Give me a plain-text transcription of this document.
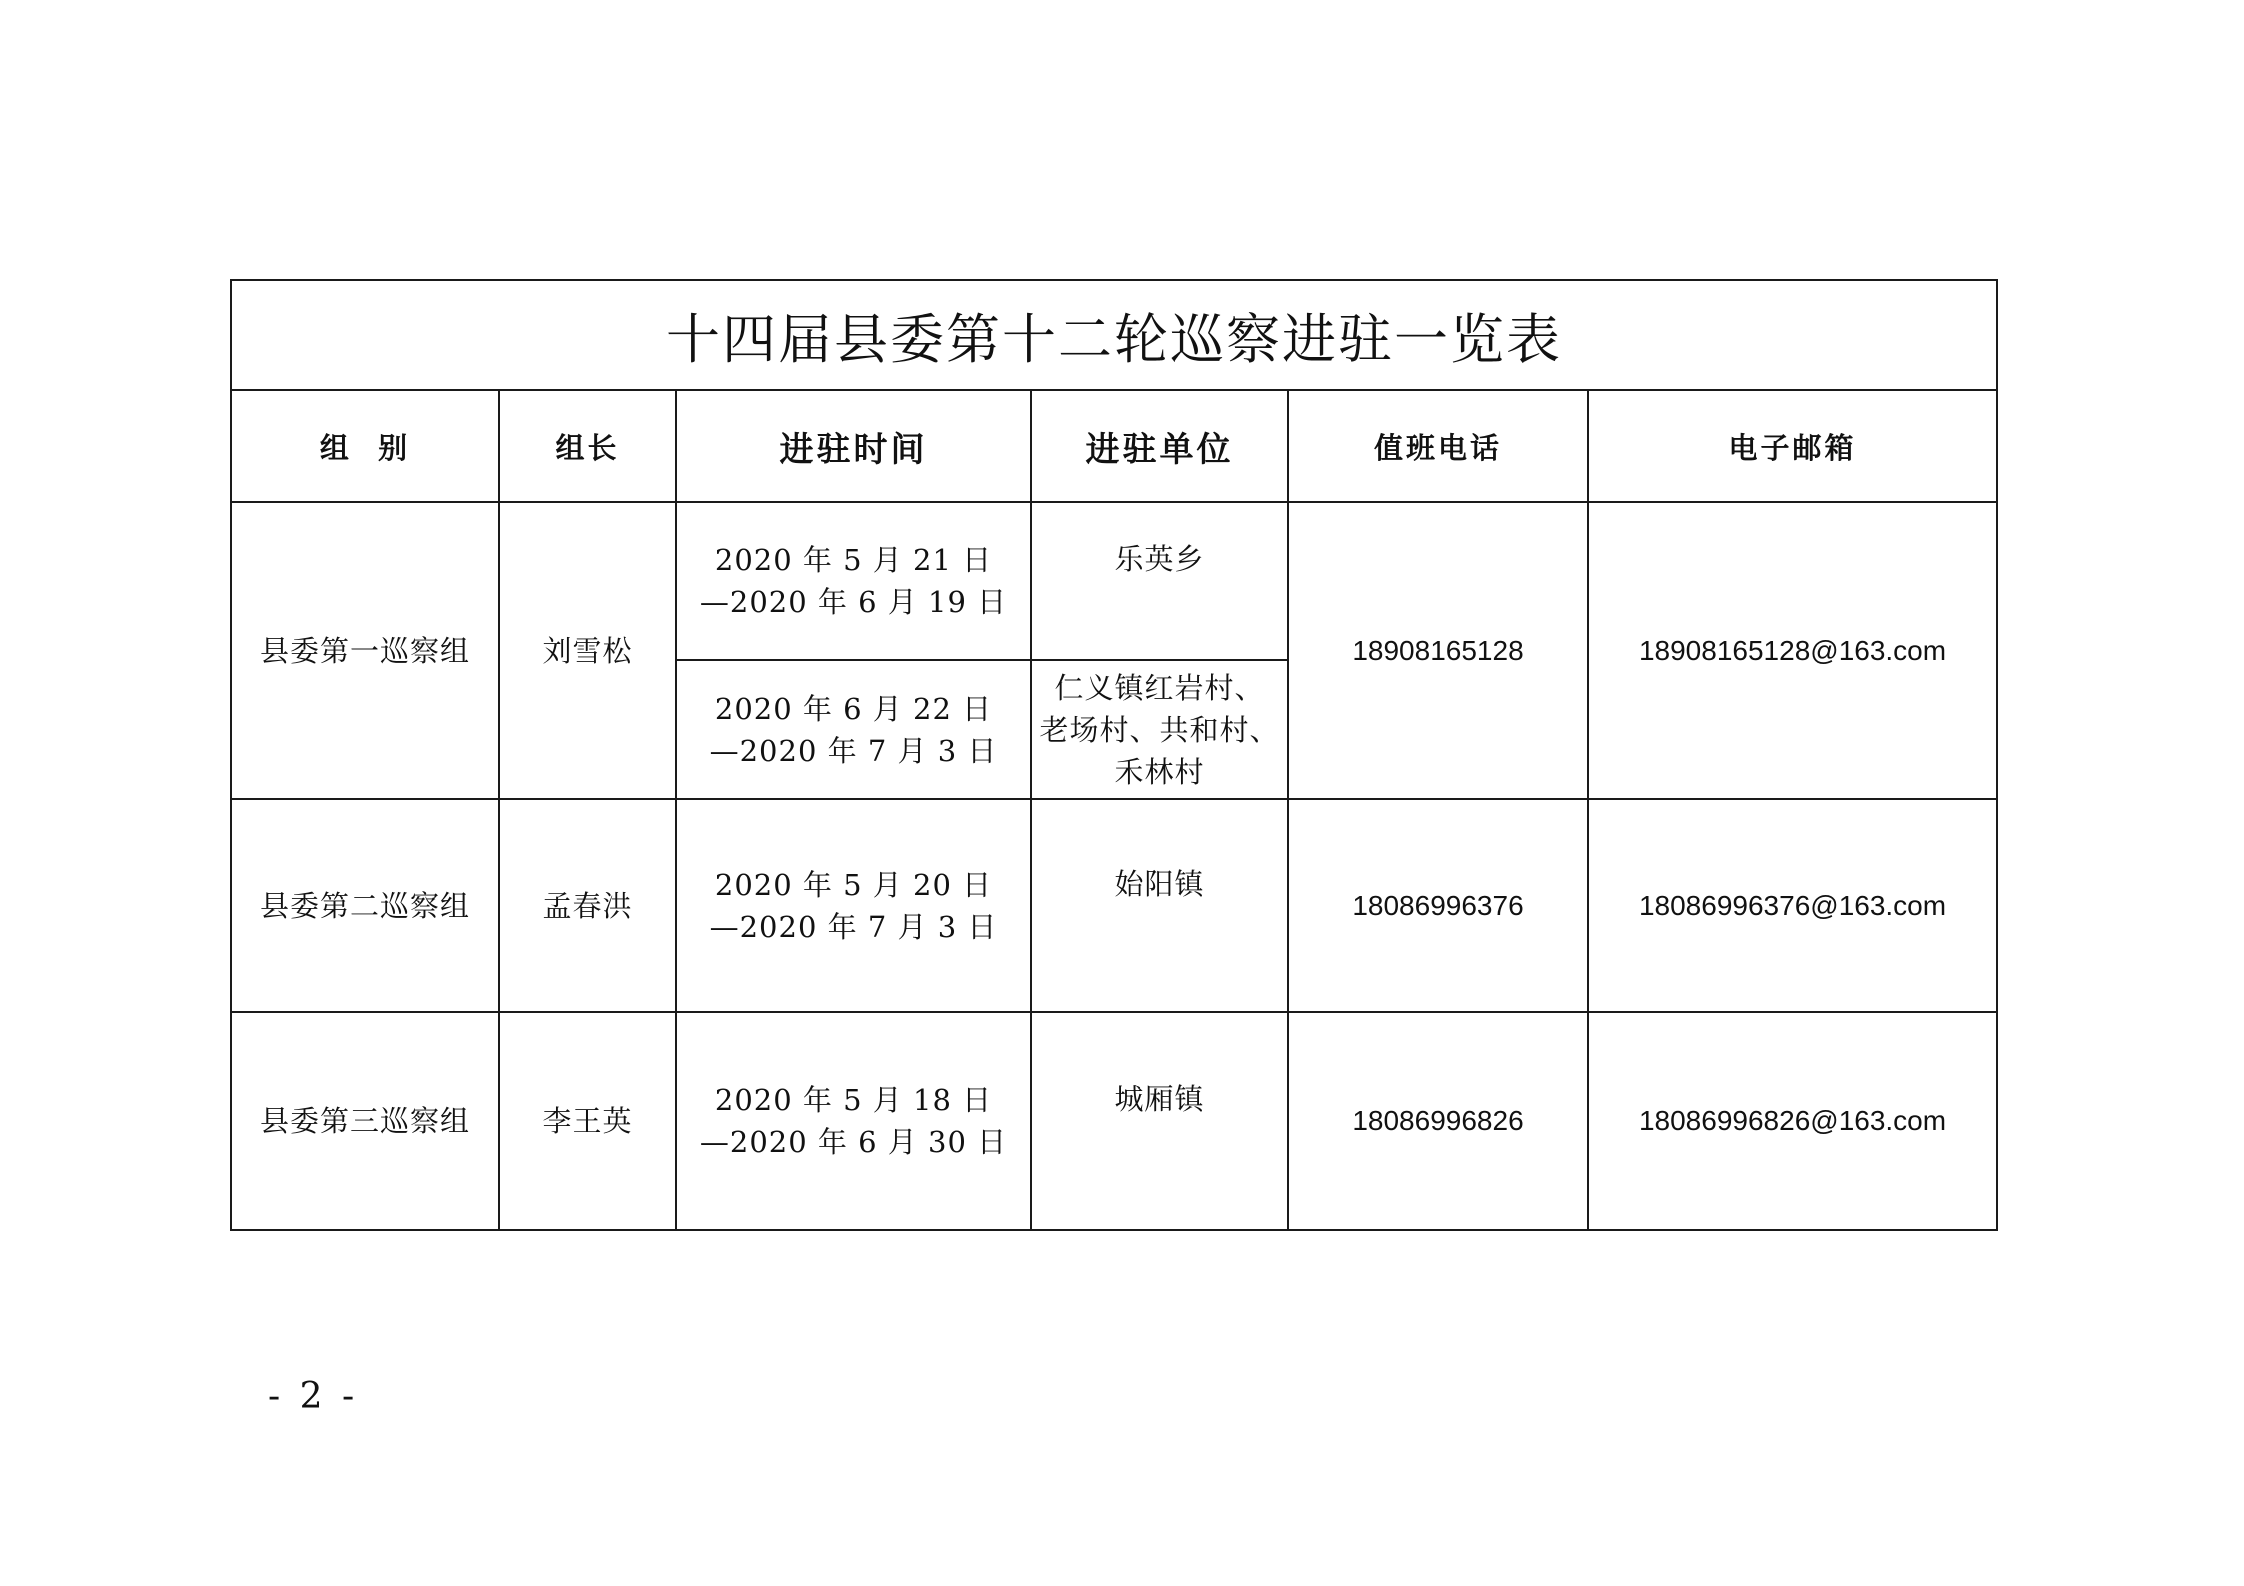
十四届县委第十二轮巡察进驻一览表					
组  别	组长	进驻时间	进驻单位	值班电话	电子邮箱
县委第一巡察组	刘雪松	2020 年 5 月 21 日
—2020 年 6 月 19 日	乐英乡	18908165128	18908165128@163.com

		2020 年 6 月 22 日
—2020 年 7 月 3 日	仁义镇红岩村、
老场村、共和村、
禾林村		

县委第二巡察组	孟春洪	2020 年 5 月 20 日
—2020 年 7 月 3 日	始阳镇	18086996376	18086996376@163.com
县委第三巡察组	李王英	2020 年 5 月 18 日
—2020 年 6 月 30 日	城厢镇	18086996826	18086996826@163.com
- 2 -
